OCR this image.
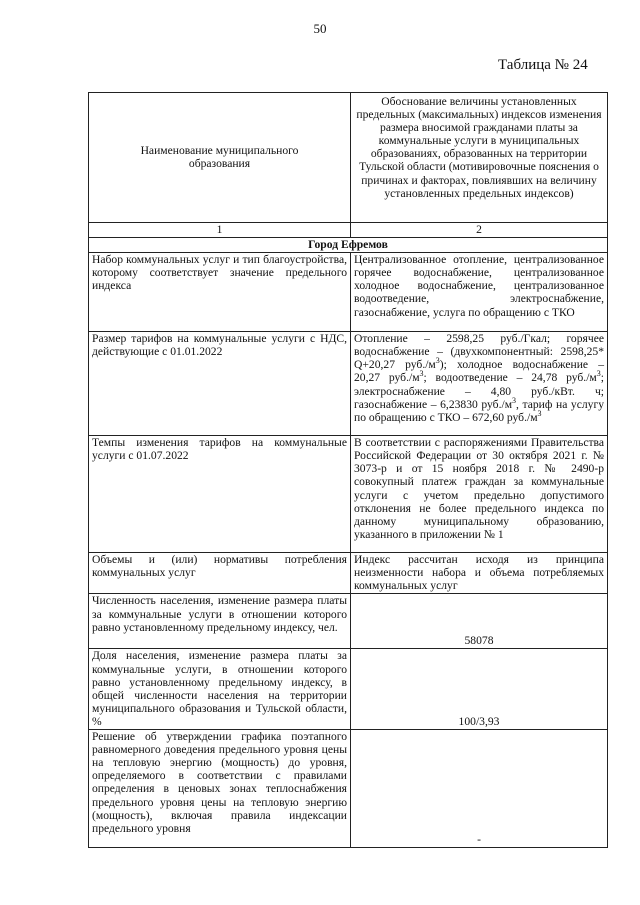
50
Таблица № 24
Наименование муниципального образования	Обоснование величины установленных предельных (максимальных) индексов изменения размера вносимой гражданами платы за коммунальные услуги в муниципальных образованиях, образованных на территории Тульской области (мотивировочные пояснения о причинах и факторах, повлиявших на величину установленных предельных индексов)
1	2
Город Ефремов	
Набор коммунальных услуг и тип благоустройства, которому соответствует значение предельного индекса	Централизованное отопление, централизованное горячее водоснабжение, централизованное холодное водоснабжение, централизованное водоотведение, электроснабжение, газоснабжение, услуга по обращению с ТКО
Размер тарифов на коммунальные услуги с НДС, действующие с 01.01.2022	Отопление – 2598,25 руб./Гкал; горячее водоснабжение – (двухкомпонентный: 2598,25* Q+20,27 $руб./м^3$); холодное водоснабжение – 20,27 $руб./м^3$; водоотведение – 24,78 $руб./м^3$; электроснабжение – 4,80 руб./кВт. ч; газоснабжение – 6,23830 $руб./м^3$, тариф на услугу по обращению с ТКО – 672,60 $руб./м^3$
Темпы изменения тарифов на коммунальные услуги с 01.07.2022	В соответствии с распоряжениями Правительства Российской Федерации от 30 октября 2021 г. № 3073-р и от 15 ноября 2018 г. № 2490-р совокупный платеж граждан за коммунальные услуги с учетом предельно допустимого отклонения не более предельного индекса по данному муниципальному образованию, указанного в приложении № 1
Объемы и (или) нормативы потребления коммунальных услуг	Индекс рассчитан исходя из принципа неизменности набора и объема потребляемых коммунальных услуг
Численность населения, изменение размера платы за коммунальные услуги в отношении которого равно установленному предельному индексу, чел.	58078
Доля населения, изменение размера платы за коммунальные услуги, в отношении которого равно установленному предельному индексу, в общей численности населения на территории муниципального образования и Тульской области, %	100/3,93
Решение об утверждении графика поэтапного равномерного доведения предельного уровня цены на тепловую энергию (мощность) до уровня, определяемого в соответствии с правилами определения в ценовых зонах теплоснабжения предельного уровня цены на тепловую энергию (мощность), включая правила индексации предельного уровня	-
